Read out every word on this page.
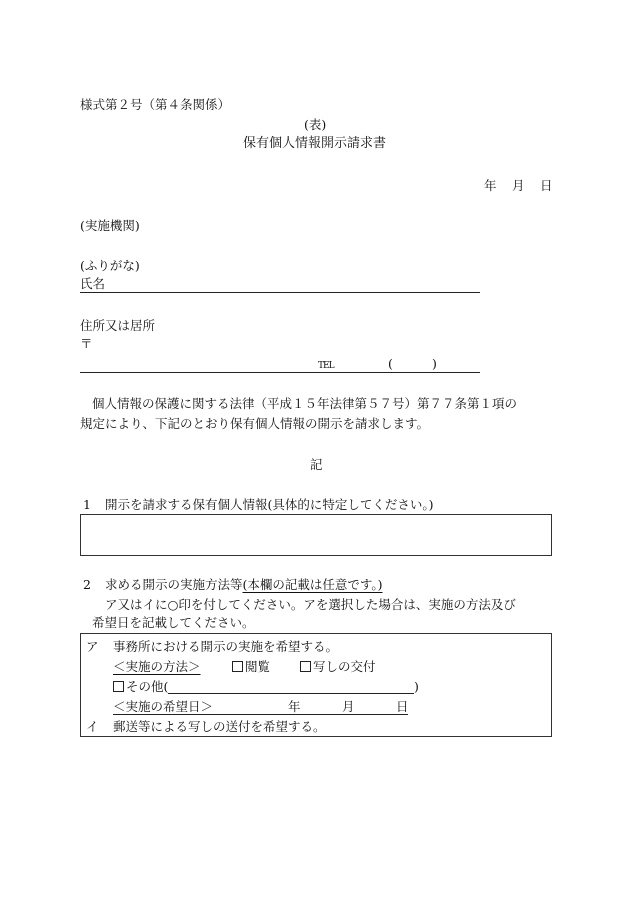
様式第２号（第４条関係）
(表)
保有個人情報開示請求書
年 月 日
(実施機関)
(ふりがな)
氏名
住所又は居所
〒
TEL	(	)
個人情報の保護に関する法律（平成１５年法律第５７号）第７７条第１項の
規定により、下記のとおり保有個人情報の開示を請求します。
記
1 開示を請求する保有個人情報(具体的に特定してください。)
2 求める開示の実施方法等(本欄の記載は任意です。)
ア又はイに○印を付してください。アを選択した場合は、実施の方法及び
希望日を記載してください。
ア 事務所における開示の実施を希望する。
＜実施の方法＞	閲覧	写しの交付
その他(	)
＜実施の希望日＞	年	月	日
イ 郵送等による写しの送付を希望する。
